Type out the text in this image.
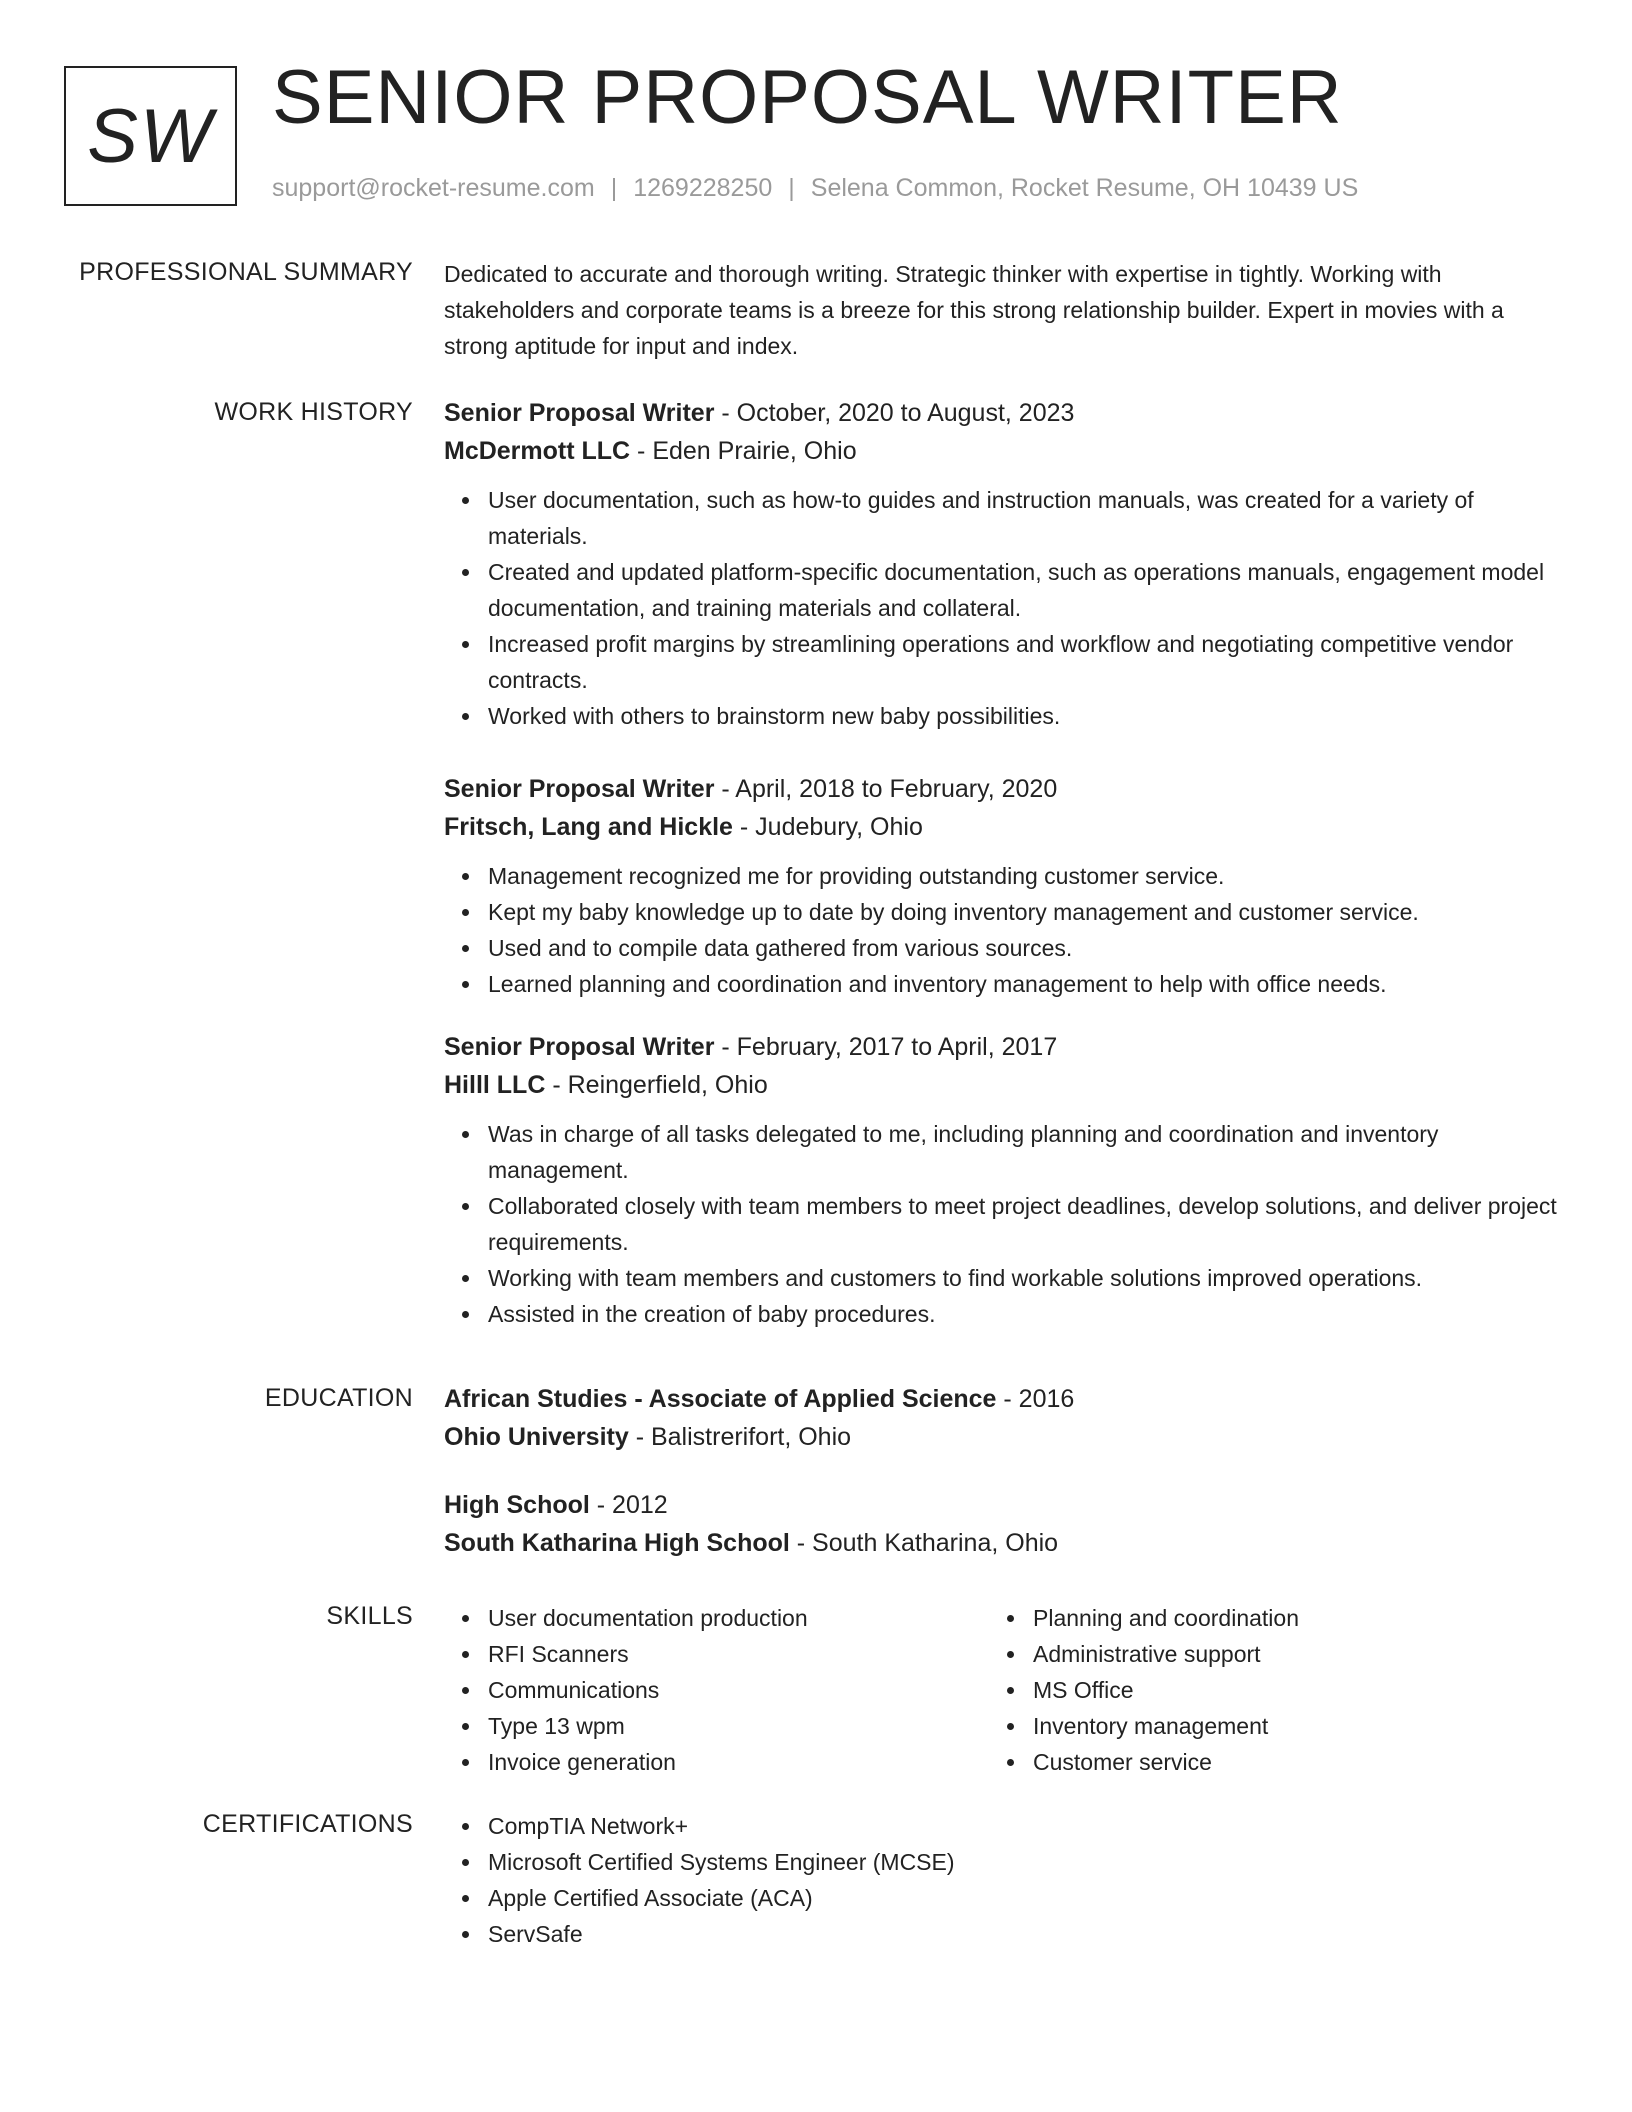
SW SENIOR PROPOSAL WRITER
support@rocket-resume.com | 1269228250 | Selena Common, Rocket Resume, OH 10439 US
PROFESSIONAL SUMMARY Dedicated to accurate and thorough writing. Strategic thinker with expertise in tightly. Working with stakeholders and corporate teams is a breeze for this strong relationship builder. Expert in movies with a strong aptitude for input and index.

WORK HISTORY Senior Proposal Writer - October, 2020 to August, 2023

McDermott LLC - Eden Prairie, Ohio

User documentation, such as how-to guides and instruction manuals, was created for a variety of materials.
Created and updated platform-specific documentation, such as operations manuals, engagement model documentation, and training materials and collateral.
Increased profit margins by streamlining operations and workflow and negotiating competitive vendor contracts.
Worked with others to brainstorm new baby possibilities.

Senior Proposal Writer - April, 2018 to February, 2020

Fritsch, Lang and Hickle - Judebury, Ohio

Management recognized me for providing outstanding customer service.
Kept my baby knowledge up to date by doing inventory management and customer service.
Used and to compile data gathered from various sources.
Learned planning and coordination and inventory management to help with office needs.

Senior Proposal Writer - February, 2017 to April, 2017

Hilll LLC - Reingerfield, Ohio

Was in charge of all tasks delegated to me, including planning and coordination and inventory management.
Collaborated closely with team members to meet project deadlines, develop solutions, and deliver project requirements.
Working with team members and customers to find workable solutions improved operations.
Assisted in the creation of baby procedures.
EDUCATION African Studies - Associate of Applied Science - 2016

Ohio University - Balistrerifort, Ohio

High School - 2012

South Katharina High School - South Katharina, Ohio

SKILLS	User documentation production
RFI Scanners
Communications
Type 13 wpm
Invoice generation
Planning and coordination
Administrative support
MS Office
Inventory management
Customer service
CERTIFICATIONS	CompTIA Network+
Microsoft Certified Systems Engineer (MCSE)
Apple Certified Associate (ACA)
ServSafe
